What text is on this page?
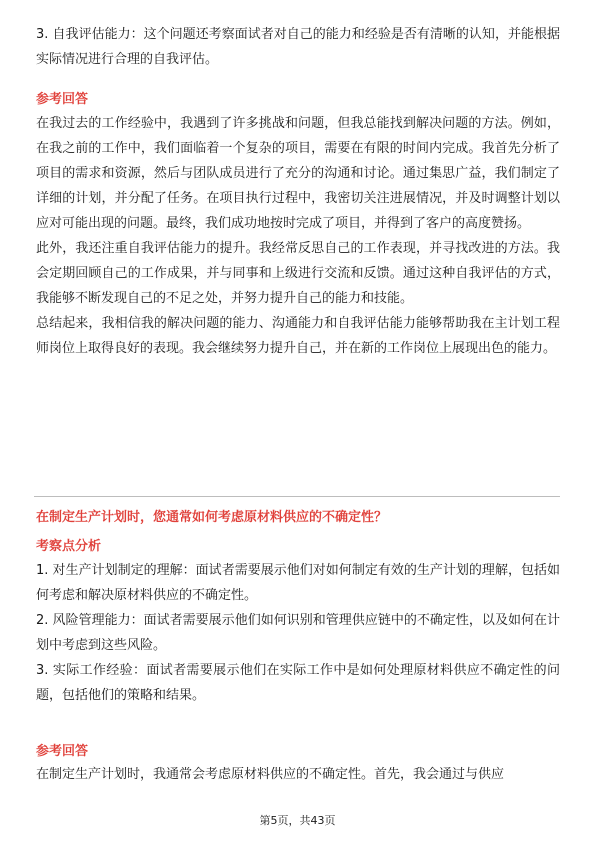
3. 自我评估能力：这个问题还考察面试者对自己的能力和经验是否有清晰的认知，并能根据实际情况进行合理的自我评估。

参考回答

在我过去的工作经验中，我遇到了许多挑战和问题，但我总能找到解决问题的方法。例如，在我之前的工作中，我们面临着一个复杂的项目，需要在有限的时间内完成。我首先分析了项目的需求和资源，然后与团队成员进行了充分的沟通和讨论。通过集思广益，我们制定了详细的计划，并分配了任务。在项目执行过程中，我密切关注进展情况，并及时调整计划以应对可能出现的问题。最终，我们成功地按时完成了项目，并得到了客户的高度赞扬。

此外，我还注重自我评估能力的提升。我经常反思自己的工作表现，并寻找改进的方法。我会定期回顾自己的工作成果，并与同事和上级进行交流和反馈。通过这种自我评估的方式，我能够不断发现自己的不足之处，并努力提升自己的能力和技能。

总结起来，我相信我的解决问题的能力、沟通能力和自我评估能力能够帮助我在主计划工程师岗位上取得良好的表现。我会继续努力提升自己，并在新的工作岗位上展现出色的能力。

在制定生产计划时，您通常如何考虑原材料供应的不确定性？

考察点分析

1. 对生产计划制定的理解：面试者需要展示他们对如何制定有效的生产计划的理解，包括如何考虑和解决原材料供应的不确定性。

2. 风险管理能力：面试者需要展示他们如何识别和管理供应链中的不确定性，以及如何在计划中考虑到这些风险。

3. 实际工作经验：面试者需要展示他们在实际工作中是如何处理原材料供应不确定性的问题，包括他们的策略和结果。

参考回答

在制定生产计划时，我通常会考虑原材料供应的不确定性。首先，我会通过与供应

第5页，共43页
